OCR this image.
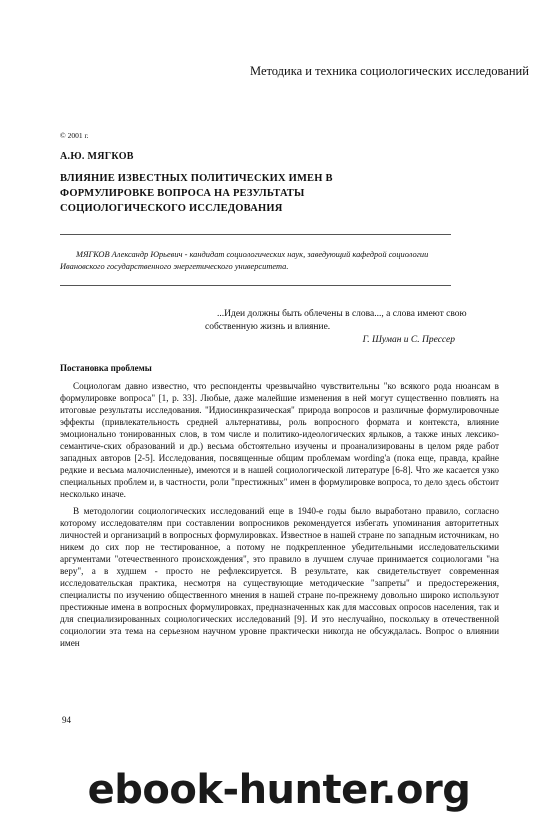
Методика и техника социологических исследований
© 2001 г.
А.Ю. МЯГКОВ
ВЛИЯНИЕ ИЗВЕСТНЫХ ПОЛИТИЧЕСКИХ ИМЕН В ФОРМУЛИРОВКЕ ВОПРОСА НА РЕЗУЛЬТАТЫ СОЦИОЛОГИЧЕСКОГО ИССЛЕДОВАНИЯ
МЯГКОВ Александр Юрьевич - кандидат социологических наук, заведующий кафедрой социологии Ивановского государственного энергетического университета.
...Идеи должны быть облечены в слова..., а слова имеют свою собственную жизнь и влияние.
Г. Шуман и С. Прессер
Постановка проблемы
Социологам давно известно, что респонденты чрезвычайно чувствительны "ко всякого рода нюансам в формулировке вопроса" [1, р. 33]. Любые, даже малейшие изменения в ней могут существенно повлиять на итоговые результаты исследования. "Идиосинкразическая" природа вопросов и различные формулировочные эффекты (привлекательность средней альтернативы, роль вопросного формата и контекста, влияние эмоционально тонированных слов, в том числе и политико-идеологических ярлыков, а также иных лексико-семантиче-ских образований и др.) весьма обстоятельно изучены и проанализированы в целом ряде работ западных авторов [2-5]. Исследования, посвященные общим проблемам wording'a (пока еще, правда, крайне редкие и весьма малочисленные), имеются и в нашей социологической литературе [6-8]. Что же касается узко специальных проблем и, в частности, роли "престижных" имен в формулировке вопроса, то дело здесь обстоит несколько иначе.
В методологии социологических исследований еще в 1940-е годы было выработано правило, согласно которому исследователям при составлении вопросников рекомендуется избегать упоминания авторитетных личностей и организаций в вопросных формулировках. Известное в нашей стране по западным источникам, но никем до сих пор не тестированное, а потому не подкрепленное убедительными исследовательскими аргументами "отечественного происхождения", это правило в лучшем случае принимается социологами "на веру", а в худшем - просто не рефлексируется. В результате, как свидетельствует современная исследовательская практика, несмотря на существующие методические "запреты" и предостережения, специалисты по изучению общественного мнения в нашей стране по-прежнему довольно широко используют престижные имена в вопросных формулировках, предназначенных как для массовых опросов населения, так и для специализированных социологических исследований [9]. И это неслучайно, поскольку в отечественной социологии эта тема на серьезном научном уровне практически никогда не обсуждалась. Вопрос о влиянии имен
94
ebook-hunter.org
